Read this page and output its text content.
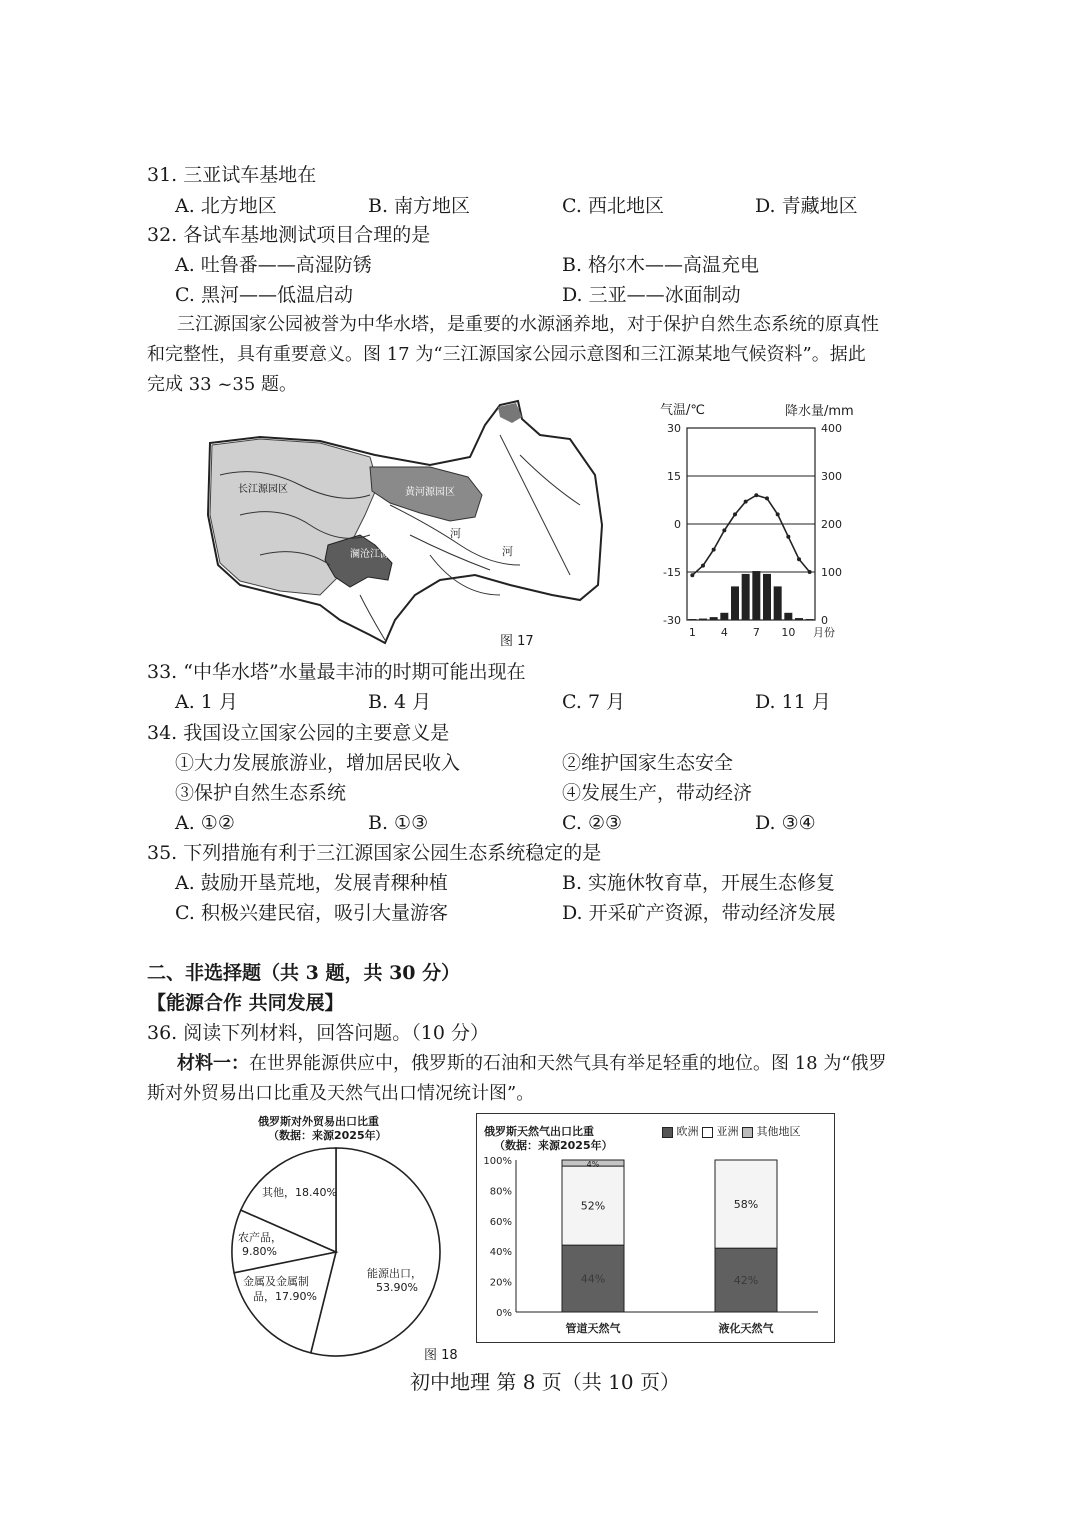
31. 三亚试车基地在
A. 北方地区	B. 南方地区	C. 西北地区	D. 青藏地区
32. 各试车基地测试项目合理的是
A. 吐鲁番——高湿防锈	B. 格尔木——高温充电
C. 黑河——低温启动	D. 三亚——冰面制动
三江源国家公园被誉为中华水塔，是重要的水源涵养地，对于保护自然生态系统的原真性
和完整性，具有重要意义。图 17 为“三江源国家公园示意图和三江源某地气候资料”。据此
完成 33 ~35 题。
长江源园区	黄河源园区
澜沧江源园区
河
河
图 17
气温/℃	降水量/mm
30
15
0
-15
-30
400
300
200
100
0
1 4 7 10 月份
33. “中华水塔”水量最丰沛的时期可能出现在
A. 1 月	B. 4 月	C. 7 月	D. 11 月
34. 我国设立国家公园的主要意义是
①大力发展旅游业，增加居民收入	②维护国家生态安全
③保护自然生态系统	④发展生产，带动经济
A. ①②	B. ①③	C. ②③	D. ③④
35. 下列措施有利于三江源国家公园生态系统稳定的是
A. 鼓励开垦荒地，发展青稞种植	B. 实施休牧育草，开展生态修复
C. 积极兴建民宿，吸引大量游客	D. 开采矿产资源，带动经济发展
二、非选择题（共 3 题，共 30 分）
【能源合作 共同发展】
36. 阅读下列材料，回答问题。（10 分）
材料一：在世界能源供应中，俄罗斯的石油和天然气具有举足轻重的地位。图 18 为“俄罗
斯对外贸易出口比重及天然气出口情况统计图”。
俄罗斯对外贸易出口比重
（数据：来源2025年）
能源出口，
53.90%
金属及金属制
品，17.90%
农产品，
9.80%
其他，18.40%
俄罗斯天然气出口比重
（数据：来源2025年）
欧洲 亚洲 其他地区
100%
80%
60%
40%
20%
0%
44%
52%
管道天然气
42%
58%
液化天然气
4%
图 18
初中地理 第 8 页（共 10 页）
